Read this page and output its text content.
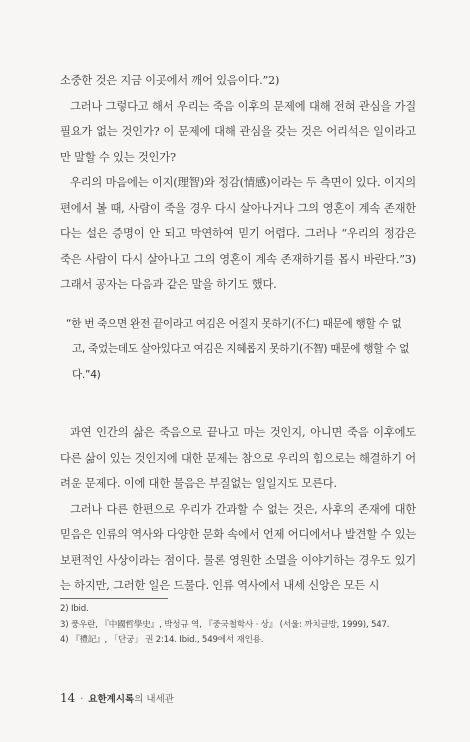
소중한 것은 지금 이곳에서 깨어 있음이다.”2)

그러나 그렇다고 해서 우리는 죽음 이후의 문제에 대해 전혀 관심을 가질 필요가 없는 것인가? 이 문제에 대해 관심을 갖는 것은 어리석은 일이라고만 말할 수 있는 것인가?

우리의 마음에는 이지(理智)와 정감(情感)이라는 두 측면이 있다. 이지의 편에서 볼 때, 사람이 죽을 경우 다시 살아나거나 그의 영혼이 계속 존재한다는 설은 증명이 안 되고 막연하여 믿기 어렵다. 그러나 “우리의 정감은 죽은 사람이 다시 살아나고 그의 영혼이 계속 존재하기를 몹시 바란다.”3) 그래서 공자는 다음과 같은 말을 하기도 했다.

“한 번 죽으면 완전 끝이라고 여김은 어질지 못하기(不仁) 때문에 행할 수 없
고, 죽었는데도 살아있다고 여김은 지혜롭지 못하기(不智) 때문에 행할 수 없
다.”4)

과연 인간의 삶은 죽음으로 끝나고 마는 것인지, 아니면 죽음 이후에도 다른 삶이 있는 것인지에 대한 문제는 참으로 우리의 힘으로는 해결하기 어려운 문제다. 이에 대한 물음은 부질없는 일일지도 모른다.

그러나 다른 한편으로 우리가 간과할 수 없는 것은, 사후의 존재에 대한 믿음은 인류의 역사와 다양한 문화 속에서 언제 어디에서나 발견할 수 있는 보편적인 사상이라는 점이다. 물론 영원한 소멸을 이야기하는 경우도 있기는 하지만, 그러한 일은 드물다. 인류 역사에서 내세 신앙은 모든 시

2) Ibid.
3) 풍우란, 『中國哲學史』, 박성규 역, 『중국철학사 · 상』 (서울: 까치글방, 1999), 547.
4) 『禮記』, 「단궁」 권 2:14. Ibid., 549에서 재인용.
14 · 요한계시록의 내세관
